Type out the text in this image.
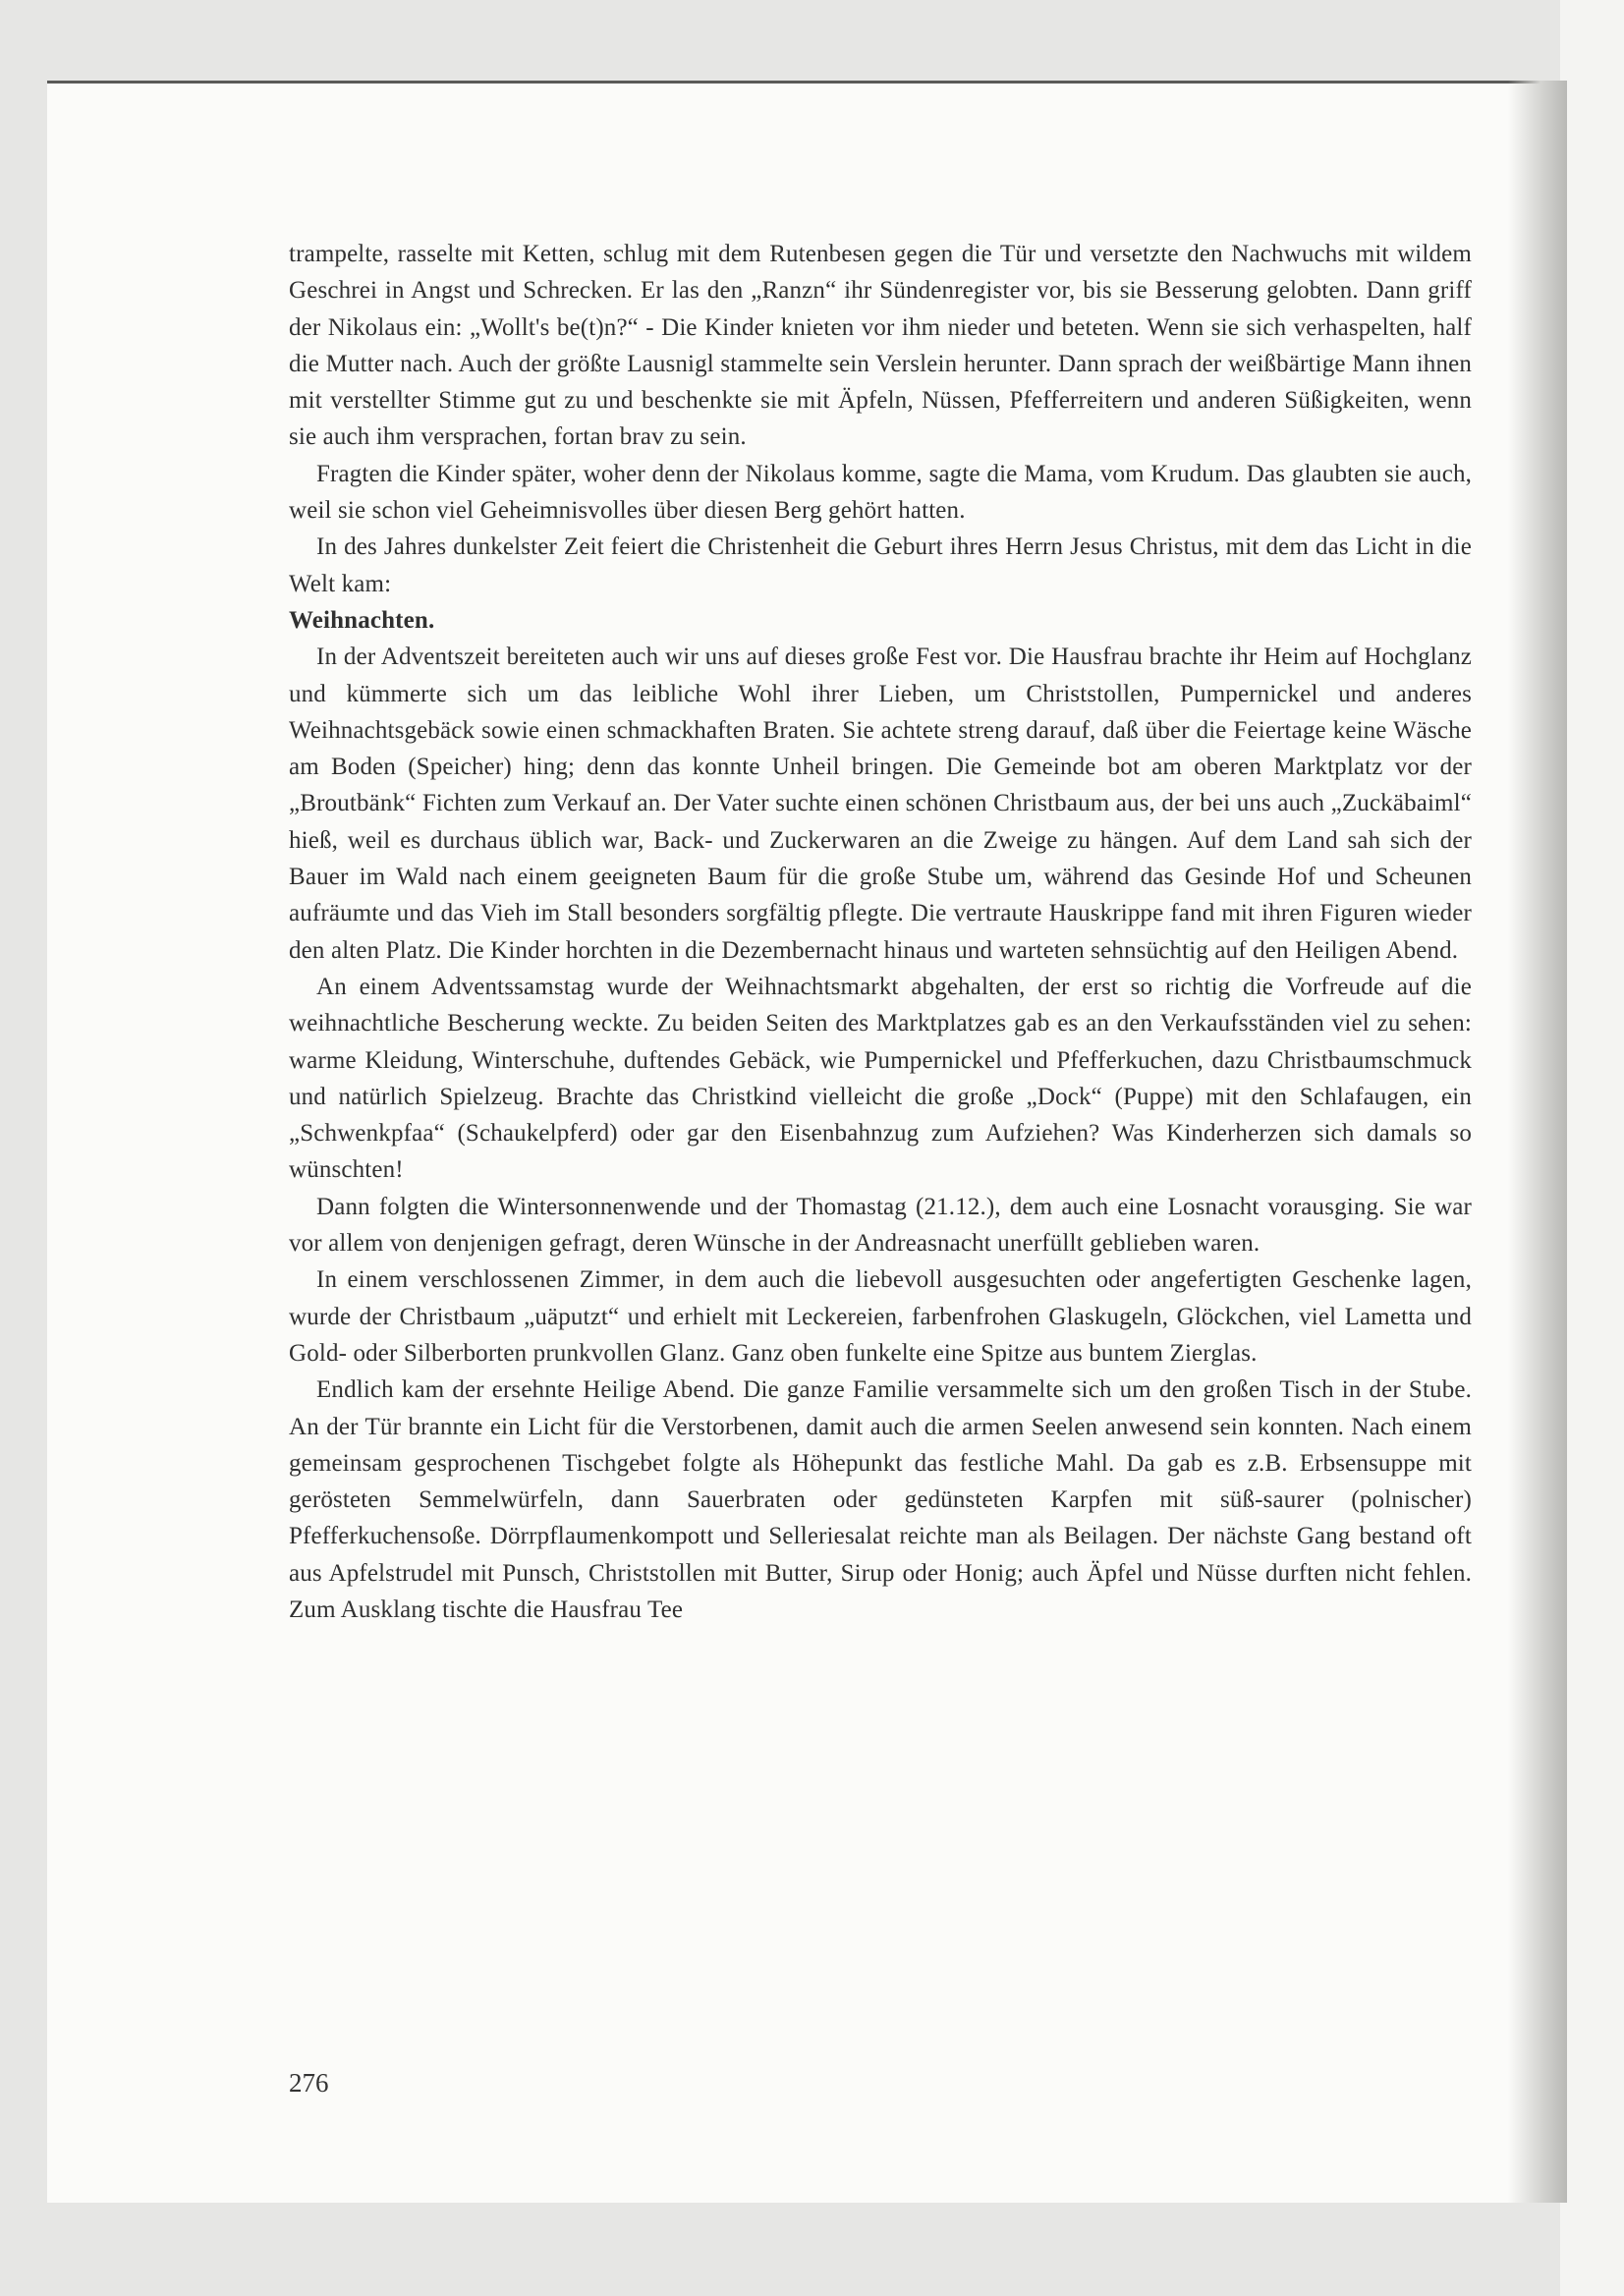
trampelte, rasselte mit Ketten, schlug mit dem Rutenbesen gegen die Tür und versetzte den Nachwuchs mit wildem Geschrei in Angst und Schrecken. Er las den „Ranzn“ ihr Sündenregister vor, bis sie Besserung gelobten. Dann griff der Nikolaus ein: „Wollt's be(t)n?“ - Die Kinder knieten vor ihm nieder und beteten. Wenn sie sich verhaspelten, half die Mutter nach. Auch der größte Lausnigl stammelte sein Verslein herunter. Dann sprach der weißbärtige Mann ihnen mit verstellter Stimme gut zu und beschenkte sie mit Äpfeln, Nüssen, Pfefferreitern und anderen Süßigkeiten, wenn sie auch ihm versprachen, fortan brav zu sein.

Fragten die Kinder später, woher denn der Nikolaus komme, sagte die Mama, vom Krudum. Das glaubten sie auch, weil sie schon viel Geheimnisvolles über diesen Berg gehört hatten.

In des Jahres dunkelster Zeit feiert die Christenheit die Geburt ihres Herrn Jesus Christus, mit dem das Licht in die Welt kam:

Weihnachten.

In der Adventszeit bereiteten auch wir uns auf dieses große Fest vor. Die Hausfrau brachte ihr Heim auf Hochglanz und kümmerte sich um das leibliche Wohl ihrer Lieben, um Christstollen, Pumpernickel und anderes Weihnachtsgebäck sowie einen schmackhaften Braten. Sie achtete streng darauf, daß über die Feiertage keine Wäsche am Boden (Speicher) hing; denn das konnte Unheil bringen. Die Gemeinde bot am oberen Marktplatz vor der „Broutbänk“ Fichten zum Verkauf an. Der Vater suchte einen schönen Christbaum aus, der bei uns auch „Zuckäbaiml“ hieß, weil es durchaus üblich war, Back- und Zuckerwaren an die Zweige zu hängen. Auf dem Land sah sich der Bauer im Wald nach einem geeigneten Baum für die große Stube um, während das Gesinde Hof und Scheunen aufräumte und das Vieh im Stall besonders sorgfältig pflegte. Die vertraute Hauskrippe fand mit ihren Figuren wieder den alten Platz. Die Kinder horchten in die Dezembernacht hinaus und warteten sehnsüchtig auf den Heiligen Abend.

An einem Adventssamstag wurde der Weihnachtsmarkt abgehalten, der erst so richtig die Vorfreude auf die weihnachtliche Bescherung weckte. Zu beiden Seiten des Marktplatzes gab es an den Verkaufsständen viel zu sehen: warme Kleidung, Winterschuhe, duftendes Gebäck, wie Pumpernickel und Pfefferkuchen, dazu Christbaumschmuck und natürlich Spielzeug. Brachte das Christkind vielleicht die große „Dock“ (Puppe) mit den Schlafaugen, ein „Schwenkpfaa“ (Schaukelpferd) oder gar den Eisenbahnzug zum Aufziehen? Was Kinderherzen sich damals so wünschten!

Dann folgten die Wintersonnenwende und der Thomastag (21.12.), dem auch eine Losnacht vorausging. Sie war vor allem von denjenigen gefragt, deren Wünsche in der Andreasnacht unerfüllt geblieben waren.

In einem verschlossenen Zimmer, in dem auch die liebevoll ausgesuchten oder angefertigten Geschenke lagen, wurde der Christbaum „uäputzt“ und erhielt mit Leckereien, farbenfrohen Glaskugeln, Glöckchen, viel Lametta und Gold- oder Silberborten prunkvollen Glanz. Ganz oben funkelte eine Spitze aus buntem Zierglas.

Endlich kam der ersehnte Heilige Abend. Die ganze Familie versammelte sich um den großen Tisch in der Stube. An der Tür brannte ein Licht für die Verstorbenen, damit auch die armen Seelen anwesend sein konnten. Nach einem gemeinsam gesprochenen Tischgebet folgte als Höhepunkt das festliche Mahl. Da gab es z.B. Erbsensuppe mit gerösteten Semmelwürfeln, dann Sauerbraten oder gedünsteten Karpfen mit süß-saurer (polnischer) Pfefferkuchensoße. Dörrpflaumenkompott und Selleriesalat reichte man als Beilagen. Der nächste Gang bestand oft aus Apfelstrudel mit Punsch, Christstollen mit Butter, Sirup oder Honig; auch Äpfel und Nüsse durften nicht fehlen. Zum Ausklang tischte die Hausfrau Tee

276
